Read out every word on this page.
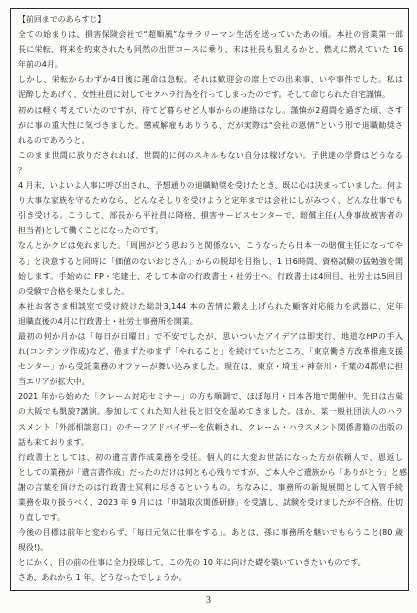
【前回までのあらすじ】
全ての始まりは、損害保険会社で“超順風”なサラリーマン生活を送っていたあの頃。本社の営業第一部
長に栄転、将来を約束されたも同然の出世コースに乗り、末は社長も狙えるかと、燃えに燃えていた 16
年前の4月。
しかし、栄転からわずか4日後に運命は急転。それは歓迎会の席上での出来事、いや事件でした。私は
泥酔したあげく、女性社員に対してセクハラ行為を行ってしまったのです。そして命じられた自宅謹慎。
初めは軽く考えていたのですが、待てど暮らせど人事からの連絡はなし。謹慎が2週間を過ぎた頃、さす
がに事の重大性に気づきました。懲戒解雇もありうる、だが実際は“会社の恩情”という形で退職勧奨さ
れるのであろうと。
このまま世間に放りだされれば、世間的に何のスキルもない自分は稼げない。子供達の学費はどうなる
？
4 月末、いよいよ人事に呼び出され、予想通りの退職勧奨を受けたとき、既に心は決まっていました。何よ
り大事な家族を守るためなら、どんなそしりを受けようと定年までは会社にしがみつく、どんな仕事でも
引き受ける。こうして、部長から平社員に降格、損害サービスセンターで、賠償主任(人身事故被害者の
担当者)として働くことになったのです。
なんとかクビは免れました。「周囲がどう思おうと関係ない、こうなったら日本一の賠償主任になってや
る」と決意すると同時に「価値のないおじさん」からの脱却を目指し、1 日6時間、資格試験の猛勉強を開
始します。手始めに FP・宅建士、そして本命の行政書士・社労士へ。行政書士は4回目、社労士は5回目
の受験で合格を果たしました。
本社お客さま相談室で受け続けた総計3,144 本の苦情に鍛え上げられた顧客対応能力を武器に、定年
退職直後の4月に行政書士・社労士事務所を開業。
最初の何か月かは「毎日が日曜日」で不安でしたが、思いついたアイデアは即実行、地道なHPの手入
れ(コンテンツ作成)など、倦まずたゆまず「やれること」を続けていたところ、「東京働き方改革推進支援
センター」から受託業務のオファーが舞い込みました。現在は、東京・埼玉・神奈川・千葉の4都県に担
当エリアが拡大中。
2021 年から始めた「クレーム対応セミナー」の方も順調で、ほぼ毎月・日本各地で開催中。先日は古巣
の大阪でも凱旋?講演。参加してくれた知人社長と旧交を温めてきました。ほか、某一般社団法人のハラ
スメント「外部相談窓口」のチーフアドバイザーを依頼され、クレーム・ハラスメント関係書籍の出版の
話も来ております。
行政書士としては、初の遺言書作成業務を受任。個人的に大変お世話になった方が依頼人で、恩返し
としての業務が「遺言書作成」だったのだけは何とも心残りですが、ご本人やご遺族から「ありがとう」と感
謝の言葉を頂けたのは行政書士冥利に尽きるというもの。ちなみに、事務所の新規展開として入管手続
業務を取り扱うべく、2023 年 9 月には「申請取次関係研修」を受講し、試験を受けましたが不合格。仕切
り直しです。
今後の目標は前年と変わらず、「毎日元気に仕事をする」。あとは、孫に事務所を継いでもらうこと(80 歳
現役!)。
とにかく、目の前の仕事に全力投球して、この先の 10 年に向けた礎を築いていきたいものです。
さあ、あれから 1 年、どうなったでしょうか。
3
